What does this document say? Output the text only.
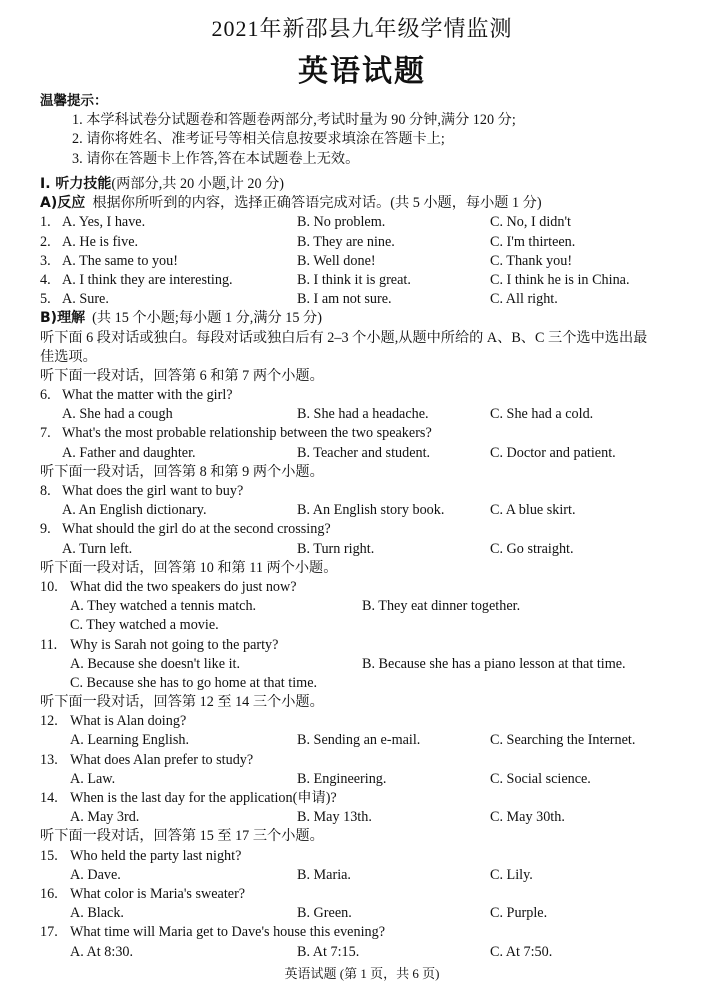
2021年新邵县九年级学情监测
英语试题
温馨提示：
1. 本学科试卷分试题卷和答题卷两部分,考试时量为 90 分钟,满分 120 分;
2. 请你将姓名、准考证号等相关信息按要求填涂在答题卡上;
3. 请你在答题卡上作答,答在本试题卷上无效。
Ⅰ. 听力技能(两部分,共 20 小题,计 20 分)
A)反应 根据你所听到的内容，选择正确答语完成对话。(共 5 小题，每小题 1 分)
1. A. Yes, I have.	B. No problem.	C. No, I didn't
2. A. He is five.	B. They are nine.	C. I'm thirteen.
3. A. The same to you!	B. Well done!	C. Thank you!
4. A. I think they are interesting.	B. I think it is great.	C. I think he is in China.
5. A. Sure.	B. I am not sure.	C. All right.
B)理解 (共 15 个小题;每小题 1 分,满分 15 分)
听下面 6 段对话或独白。每段对话或独白后有 2–3 个小题,从题中所给的 A、B、C 三个选中选出最
佳选项。
听下面一段对话，回答第 6 和第 7 两个小题。
6. What the matter with the girl?
A. She had a cough	B. She had a headache.	C. She had a cold.
7. What's the most probable relationship between the two speakers?
A. Father and daughter.	B. Teacher and student.	C. Doctor and patient.
听下面一段对话，回答第 8 和第 9 两个小题。
8. What does the girl want to buy?
A. An English dictionary.	B. An English story book.	C. A blue skirt.
9. What should the girl do at the second crossing?
A. Turn left.	B. Turn right.	C. Go straight.
听下面一段对话，回答第 10 和第 11 两个小题。
10. What did the two speakers do just now?
A. They watched a tennis match.	B. They eat dinner together.
C. They watched a movie.
11. Why is Sarah not going to the party?
A. Because she doesn't like it.	B. Because she has a piano lesson at that time.
C. Because she has to go home at that time.
听下面一段对话，回答第 12 至 14 三个小题。
12. What is Alan doing?
A. Learning English.	B. Sending an e-mail.	C. Searching the Internet.
13. What does Alan prefer to study?
A. Law.	B. Engineering.	C. Social science.
14. When is the last day for the application(申请)?
A. May 3rd.	B. May 13th.	C. May 30th.
听下面一段对话，回答第 15 至 17 三个小题。
15. Who held the party last night?
A. Dave.	B. Maria.	C. Lily.
16. What color is Maria's sweater?
A. Black.	B. Green.	C. Purple.
17. What time will Maria get to Dave's house this evening?
A. At 8:30.	B. At 7:15.	C. At 7:50.
英语试题 (第 1 页，共 6 页)
